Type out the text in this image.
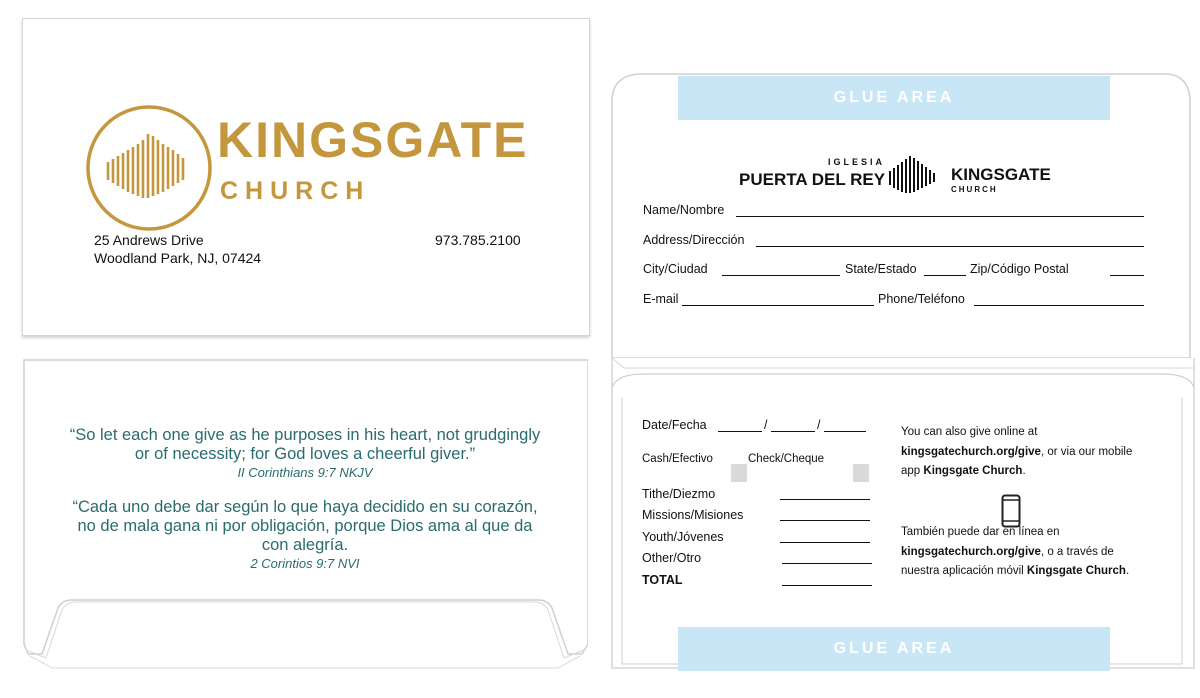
KINGSGATE
CHURCH
25 Andrews Drive
Woodland Park, NJ, 07424
973.785.2100
“So let each one give as he purposes in his heart, not grudgingly or of necessity; for God loves a cheerful giver.”
II Corinthians 9:7 NKJV
“Cada uno debe dar según lo que haya decidido en su corazón, no de mala gana ni por obligación, porque Dios ama al que da con alegría.
2 Corintios 9:7 NVI
GLUE AREA
GLUE AREA
IGLESIA
PUERTA DEL REY	KINGSGATE
CHURCH
Name/Nombre
Address/Dirección
City/Ciudad	State/Estado	Zip/Código Postal
E-mail	Phone/Teléfono
Date/Fecha	/	/
Cash/Efectivo	Check/Cheque
Tithe/Diezmo
Missions/Misiones
Youth/Jóvenes
Other/Otro
TOTAL
You can also give online at
kingsgatechurch.org/give, or via our mobile
app Kingsgate Church.
También puede dar en línea en
kingsgatechurch.org/give, o a través de
nuestra aplicación móvil Kingsgate Church.
